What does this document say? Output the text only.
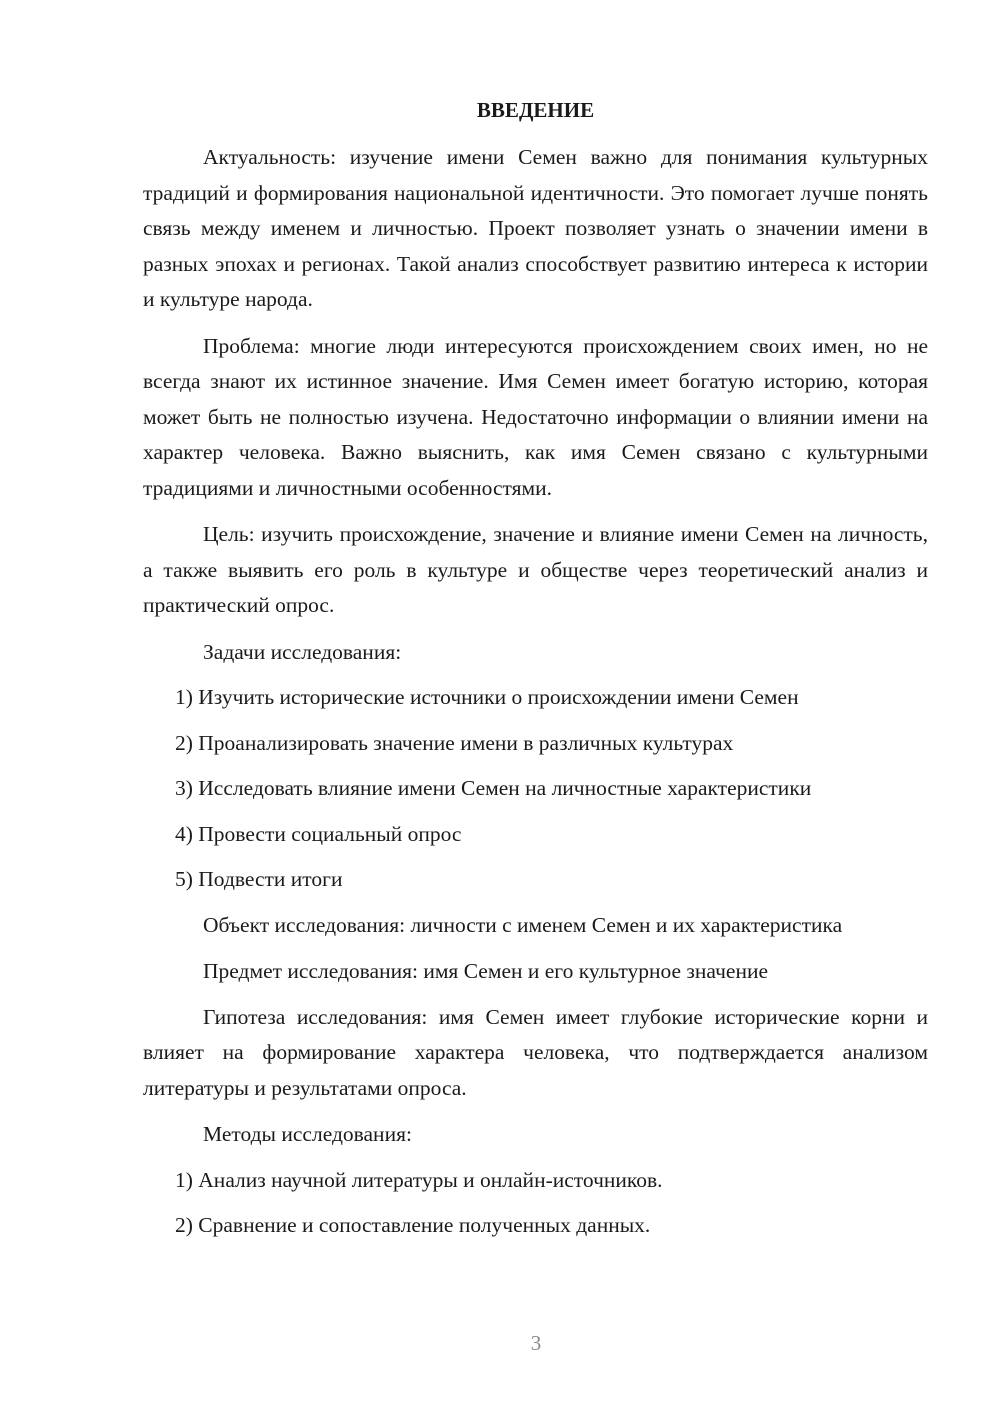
ВВЕДЕНИЕ

Актуальность: изучение имени Семен важно для понимания культурных традиций и формирования национальной идентичности. Это помогает лучше понять связь между именем и личностью. Проект позволяет узнать о значении имени в разных эпохах и регионах. Такой анализ способствует развитию интереса к истории и культуре народа.

Проблема: многие люди интересуются происхождением своих имен, но не всегда знают их истинное значение. Имя Семен имеет богатую историю, которая может быть не полностью изучена. Недостаточно информации о влиянии имени на характер человека. Важно выяснить, как имя Семен связано с культурными традициями и личностными особенностями.

Цель: изучить происхождение, значение и влияние имени Семен на личность, а также выявить его роль в культуре и обществе через теоретический анализ и практический опрос.

Задачи исследования:

1) Изучить исторические источники о происхождении имени Семен
2) Проанализировать значение имени в различных культурах
3) Исследовать влияние имени Семен на личностные характеристики
4) Провести социальный опрос
5) Подвести итоги

Объект исследования: личности с именем Семен и их характеристика

Предмет исследования: имя Семен и его культурное значение

Гипотеза исследования: имя Семен имеет глубокие исторические корни и влияет на формирование характера человека, что подтверждается анализом литературы и результатами опроса.

Методы исследования:

1) Анализ научной литературы и онлайн-источников.
2) Сравнение и сопоставление полученных данных.
3
